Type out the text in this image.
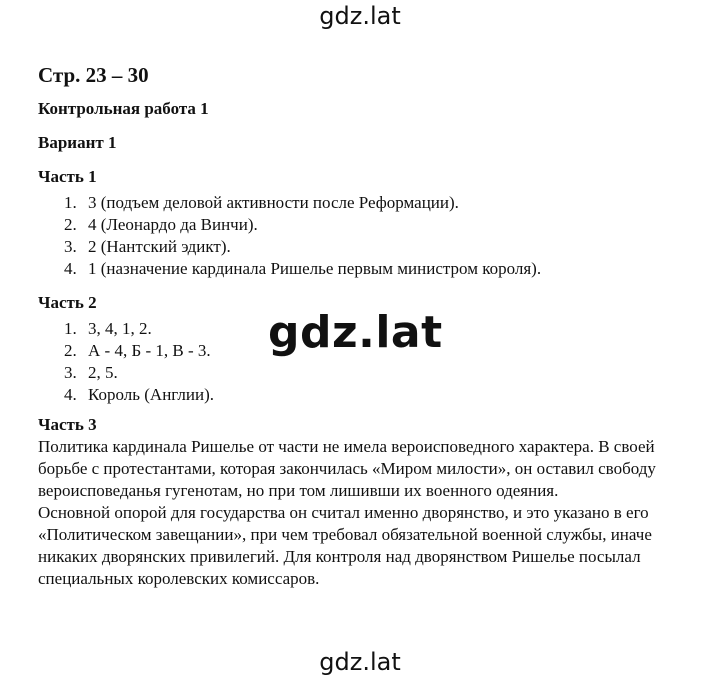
gdz.lat

Стр. 23 – 30

Контрольная работа 1

Вариант 1

Часть 1

1. 3 (подъем деловой активности после Реформации).
2. 4 (Леонардо да Винчи).
3. 2 (Нантский эдикт).
4. 1 (назначение кардинала Ришелье первым министром короля).

Часть 2

1. 3, 4, 1, 2.
2. А - 4, Б - 1, В - 3.
3. 2, 5.
4. Король (Англии).

Часть 3

Политика кардинала Ришелье от части не имела вероисповедного характера. В своей

борьбе с протестантами, которая закончилась «Миром милости», он оставил свободу

вероисповеданья гугенотам, но при том лишивши их военного одеяния.

Основной опорой для государства он считал именно дворянство, и это указано в его

«Политическом завещании», при чем требовал обязательной военной службы, иначе

никаких дворянских привилегий. Для контроля над дворянством Ришелье посылал

специальных королевских комиссаров.

gdz.lat
gdz.lat
